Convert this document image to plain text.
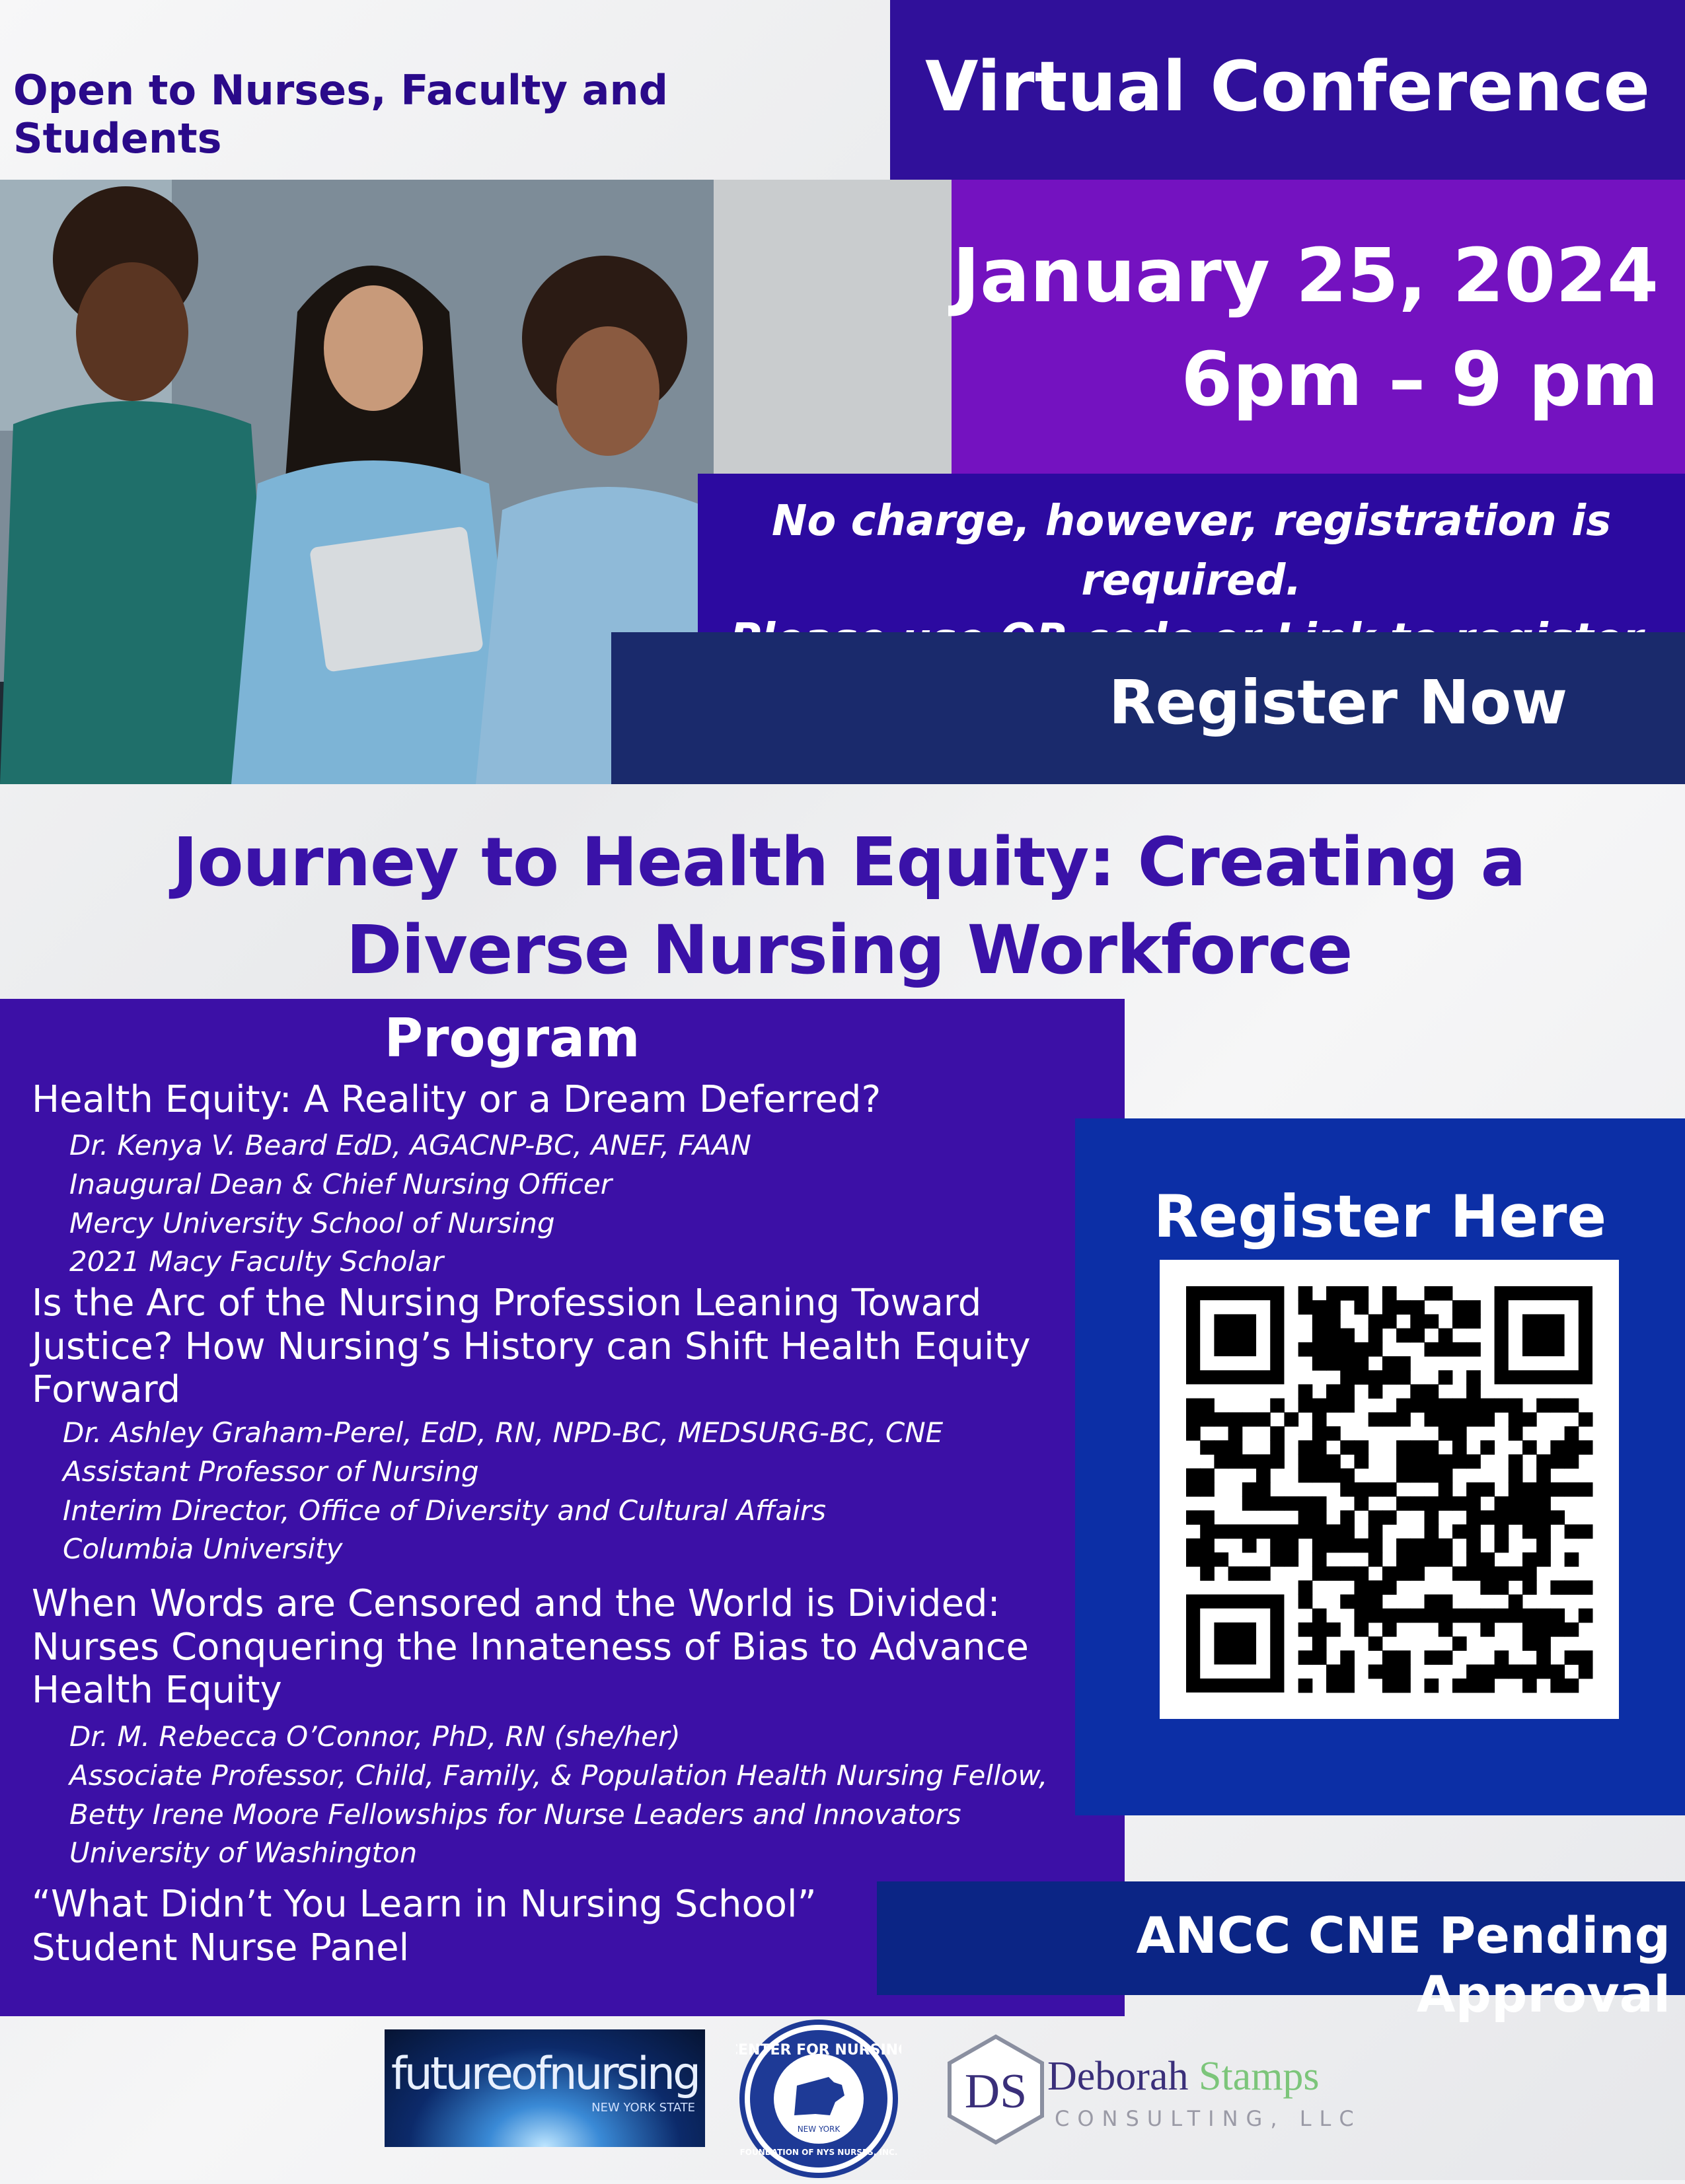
Open to Nurses, Faculty and Students
Virtual Conference
January 25, 2024
6pm – 9 pm
No charge, however, registration is required.
Register Now
Journey to Health Equity: Creating a
Diverse Nursing Workforce
Program
Health Equity: A Reality or a Dream Deferred?
Dr. Kenya V. Beard EdD, AGACNP-BC, ANEF, FAAN
Inaugural Dean & Chief Nursing Officer
Mercy University School of Nursing
2021 Macy Faculty Scholar
Is the Arc of the Nursing Profession Leaning Toward
Justice? How Nursing’s History can Shift Health Equity
Forward
Dr. Ashley Graham-Perel, EdD, RN, NPD-BC, MEDSURG-BC, CNE
Assistant Professor of Nursing
Interim Director, Office of Diversity and Cultural Affairs
Columbia University
When Words are Censored and the World is Divided:
Nurses Conquering the Innateness of Bias to Advance
Health Equity
Dr. M. Rebecca O’Connor, PhD, RN (she/her)
Associate Professor, Child, Family, & Population Health Nursing Fellow,
Betty Irene Moore Fellowships for Nurse Leaders and Innovators
University of Washington
“What Didn’t You Learn in Nursing School”
Student Nurse Panel
Register Here
ANCC CNE Pending Approval
futureofnursing
NEW YORK STATE
CENTER FOR NURSING
FOUNDATION OF NYS NURSES, INC.
NEW YORK
DS Deborah Stamps
CONSULTING, LLC
